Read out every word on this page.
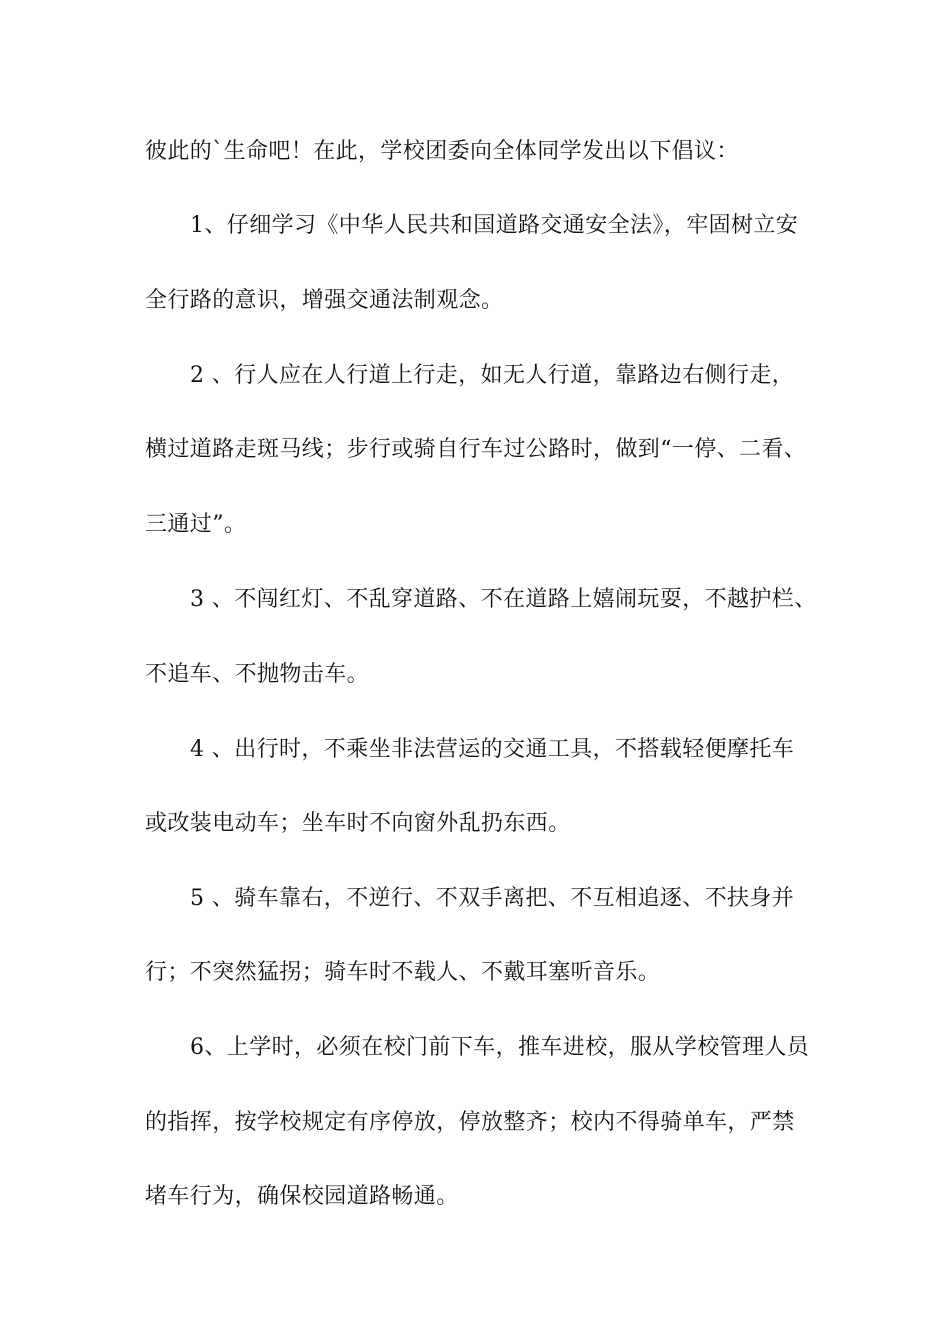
彼此的`生命吧！在此，学校团委向全体同学发出以下倡议：
1、仔细学习《中华人民共和国道路交通安全法》，牢固树立安
全行路的意识，增强交通法制观念。
2 、行人应在人行道上行走，如无人行道，靠路边右侧行走，
横过道路走斑马线；步行或骑自行车过公路时，做到“一停、二看、
三通过”。
3 、不闯红灯、不乱穿道路、不在道路上嬉闹玩耍，不越护栏、
不追车、不抛物击车。
4 、出行时，不乘坐非法营运的交通工具，不搭载轻便摩托车
或改装电动车；坐车时不向窗外乱扔东西。
5 、骑车靠右，不逆行、不双手离把、不互相追逐、不扶身并
行；不突然猛拐；骑车时不载人、不戴耳塞听音乐。
6、上学时，必须在校门前下车，推车进校，服从学校管理人员
的指挥，按学校规定有序停放，停放整齐；校内不得骑单车，严禁
堵车行为，确保校园道路畅通。
